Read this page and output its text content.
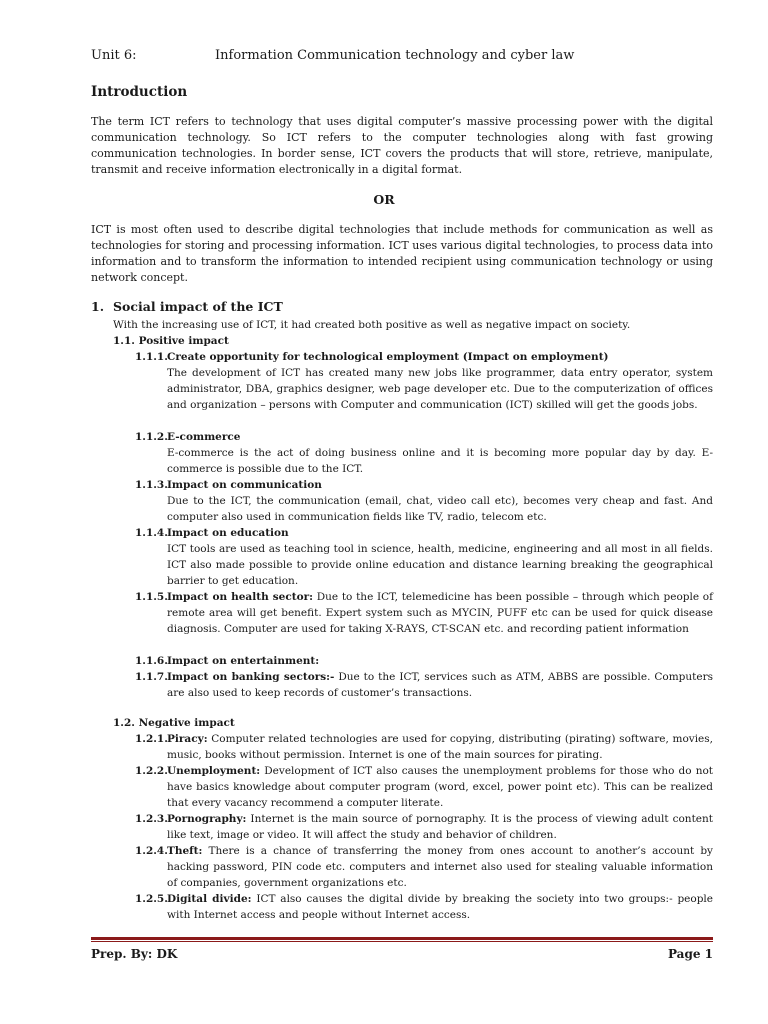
Unit 6:	Information Communication technology and cyber law
Introduction
The term ICT refers to technology that uses digital computer’s massive processing power with the digital communication technology. So ICT refers to the computer technologies along with fast growing communication technologies. In border sense, ICT covers the products that will store, retrieve, manipulate, transmit and receive information electronically in a digital format.
OR
ICT is most often used to describe digital technologies that include methods for communication as well as technologies for storing and processing information. ICT uses various digital technologies, to process data into information and to transform the information to intended recipient using communication technology or using network concept.
1. Social impact of the ICT
With the increasing use of ICT, it had created both positive as well as negative impact on society.
1.1. Positive impact
1.1.1. Create opportunity for technological employment (Impact on employment)
The development of ICT has created many new jobs like programmer, data entry operator, system administrator, DBA, graphics designer, web page developer etc. Due to the computerization of offices and organization – persons with Computer and communication (ICT) skilled will get the goods jobs.
1.1.2. E-commerce
E-commerce is the act of doing business online and it is becoming more popular day by day. E-commerce is possible due to the ICT.
1.1.3. Impact on communication
Due to the ICT, the communication (email, chat, video call etc), becomes very cheap and fast. And computer also used in communication fields like TV, radio, telecom etc.
1.1.4. Impact on education
ICT tools are used as teaching tool in science, health, medicine, engineering and all most in all fields. ICT also made possible to provide online education and distance learning breaking the geographical barrier to get education.
1.1.5. Impact on health sector: Due to the ICT, telemedicine has been possible – through which people of remote area will get benefit. Expert system such as MYCIN, PUFF etc can be used for quick disease diagnosis. Computer are used for taking X-RAYS, CT-SCAN etc. and recording patient information
1.1.6. Impact on entertainment:
1.1.7. Impact on banking sectors:- Due to the ICT, services such as ATM, ABBS are possible. Computers are also used to keep records of customer’s transactions.
1.2. Negative impact
1.2.1. Piracy: Computer related technologies are used for copying, distributing (pirating) software, movies, music, books without permission. Internet is one of the main sources for pirating.
1.2.2. Unemployment: Development of ICT also causes the unemployment problems for those who do not have basics knowledge about computer program (word, excel, power point etc). This can be realized that every vacancy recommend a computer literate.
1.2.3. Pornography: Internet is the main source of pornography. It is the process of viewing adult content like text, image or video. It will affect the study and behavior of children.
1.2.4. Theft: There is a chance of transferring the money from ones account to another’s account by hacking password, PIN code etc. computers and internet also used for stealing valuable information of companies, government organizations etc.
1.2.5. Digital divide: ICT also causes the digital divide by breaking the society into two groups:- people with Internet access and people without Internet access.
Prep. By: DK	Page 1
